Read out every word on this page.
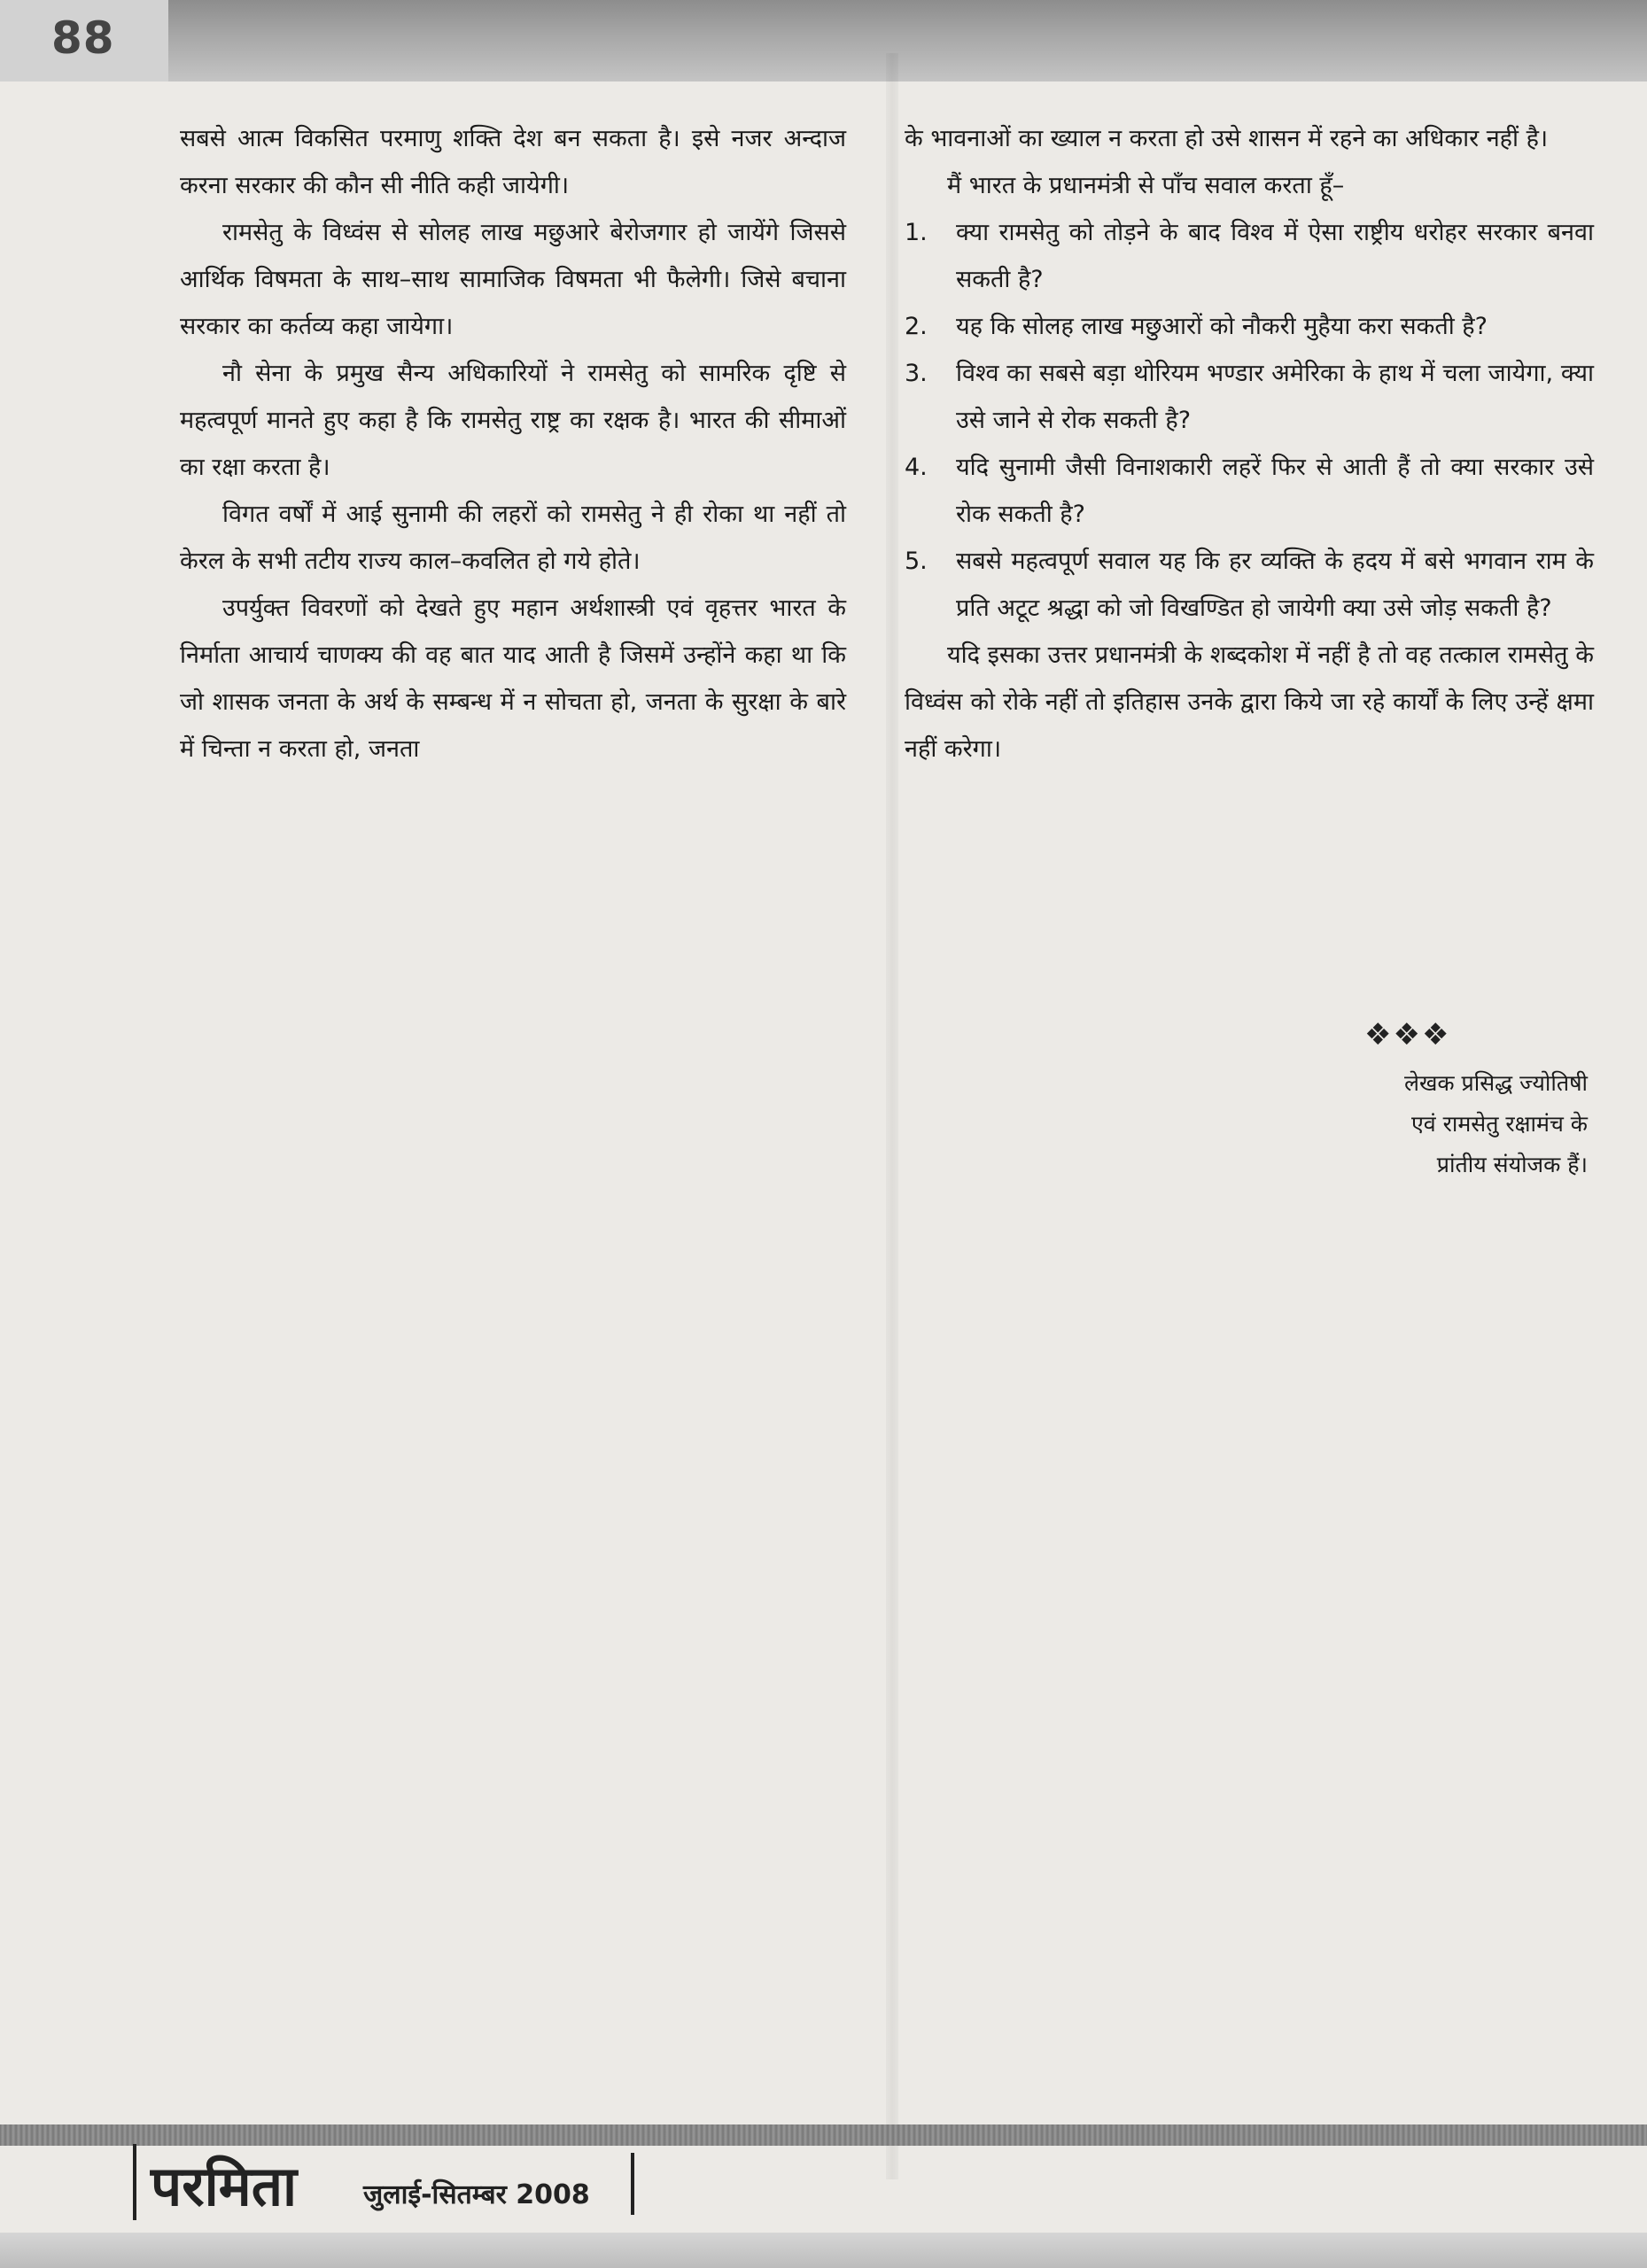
88

सबसे आत्म विकसित परमाणु शक्ति देश बन सकता है। इसे नजर अन्दाज करना सरकार की कौन सी नीति कही जायेगी।

रामसेतु के विध्वंस से सोलह लाख मछुआरे बेरोजगार हो जायेंगे जिससे आर्थिक विषमता के साथ–साथ सामाजिक विषमता भी फैलेगी। जिसे बचाना सरकार का कर्तव्य कहा जायेगा।

नौ सेना के प्रमुख सैन्य अधिकारियों ने रामसेतु को सामरिक दृष्टि से महत्वपूर्ण मानते हुए कहा है कि रामसेतु राष्ट्र का रक्षक है। भारत की सीमाओं का रक्षा करता है।

विगत वर्षों में आई सुनामी की लहरों को रामसेतु ने ही रोका था नहीं तो केरल के सभी तटीय राज्य काल–कवलित हो गये होते।

उपर्युक्त विवरणों को देखते हुए महान अर्थशास्त्री एवं वृहत्तर भारत के निर्माता आचार्य चाणक्य की वह बात याद आती है जिसमें उन्होंने कहा था कि जो शासक जनता के अर्थ के सम्बन्ध में न सोचता हो, जनता के सुरक्षा के बारे में चिन्ता न करता हो, जनता

के भावनाओं का ख्याल न करता हो उसे शासन में रहने का अधिकार नहीं है।

मैं भारत के प्रधानमंत्री से पाँच सवाल करता हूँ–

1. क्या रामसेतु को तोड़ने के बाद विश्व में ऐसा राष्ट्रीय धरोहर सरकार बनवा सकती है?
2. यह कि सोलह लाख मछुआरों को नौकरी मुहैया करा सकती है?
3. विश्व का सबसे बड़ा थोरियम भण्डार अमेरिका के हाथ में चला जायेगा, क्या उसे जाने से रोक सकती है?
4. यदि सुनामी जैसी विनाशकारी लहरें फिर से आती हैं तो क्या सरकार उसे रोक सकती है?
5. सबसे महत्वपूर्ण सवाल यह कि हर व्यक्ति के हदय में बसे भगवान राम के प्रति अटूट श्रद्धा को जो विखण्डित हो जायेगी क्या उसे जोड़ सकती है?

यदि इसका उत्तर प्रधानमंत्री के शब्दकोश में नहीं है तो वह तत्काल रामसेतु के विध्वंस को रोके नहीं तो इतिहास उनके द्वारा किये जा रहे कार्यों के लिए उन्हें क्षमा नहीं करेगा।

❖❖❖
लेखक प्रसिद्ध ज्योतिषी
एवं रामसेतु रक्षामंच के
प्रांतीय संयोजक हैं।
परमिता जुलाई-सितम्बर 2008
